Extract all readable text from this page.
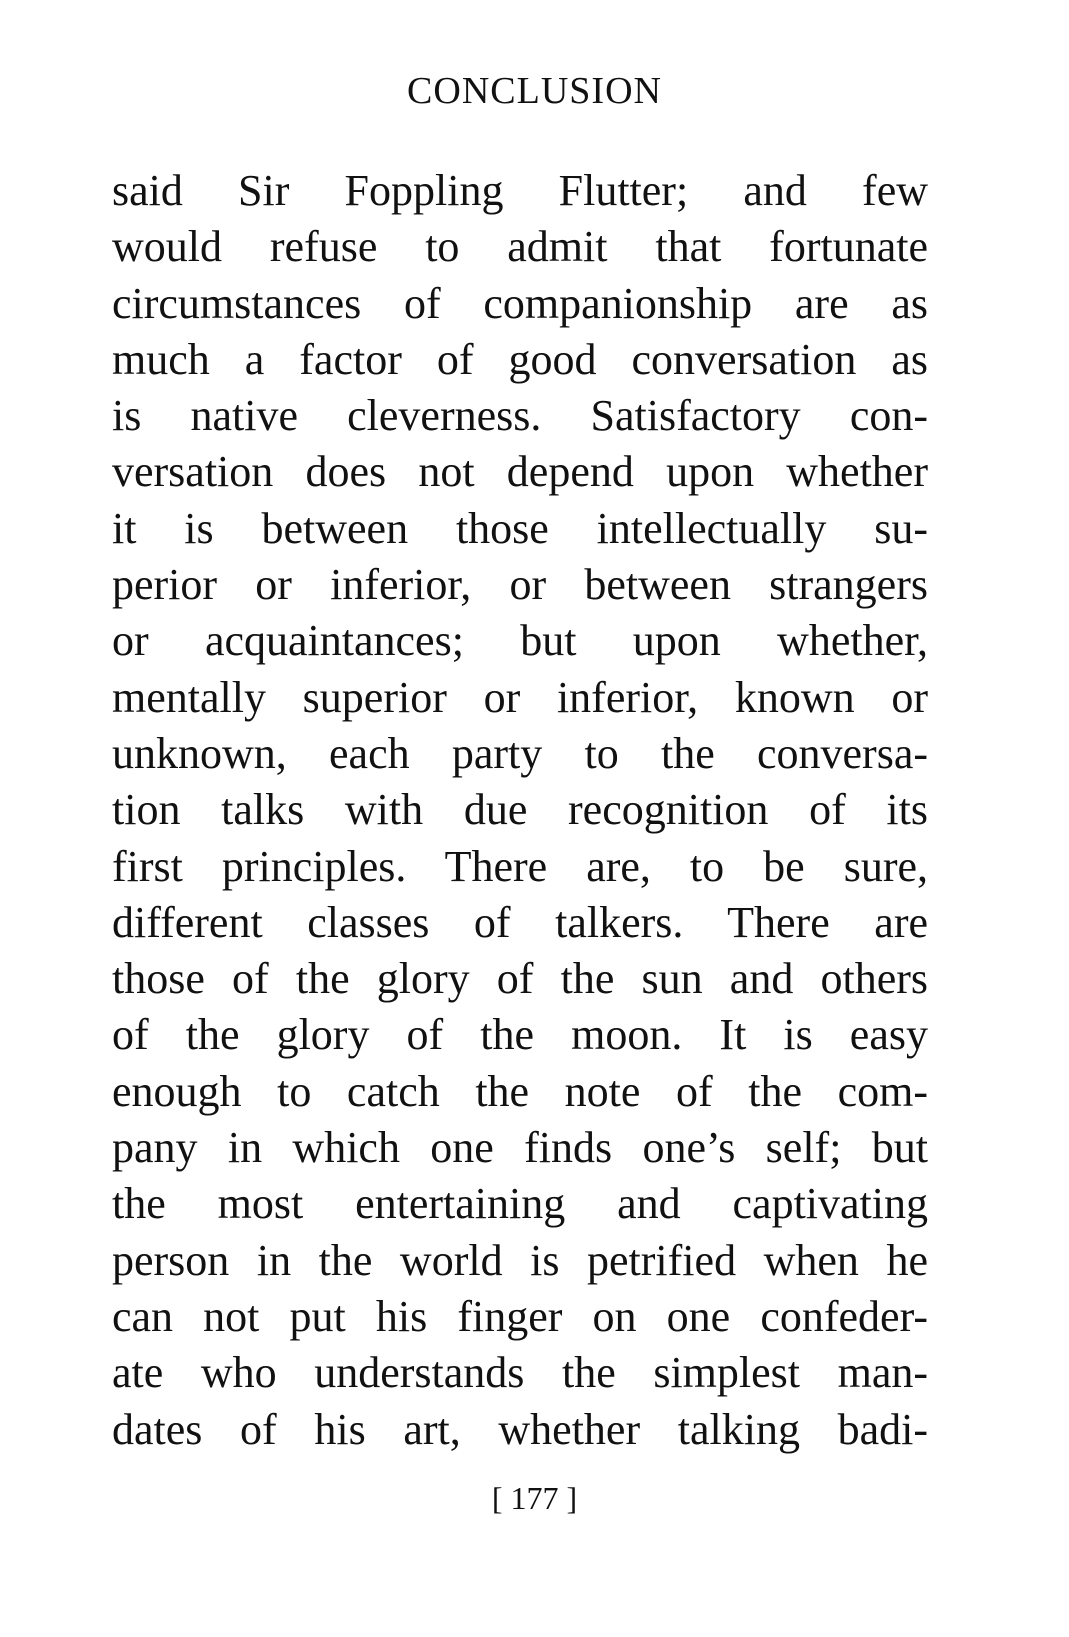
CONCLUSION
said Sir Foppling Flutter; and few
would refuse to admit that fortunate
circumstances of companionship are as
much a factor of good conversation as
is native cleverness. Satisfactory con-
versation does not depend upon whether
it is between those intellectually su-
perior or inferior, or between strangers
or acquaintances; but upon whether,
mentally superior or inferior, known or
unknown, each party to the conversa-
tion talks with due recognition of its
first principles. There are, to be sure,
different classes of talkers. There are
those of the glory of the sun and others
of the glory of the moon. It is easy
enough to catch the note of the com-
pany in which one finds one’s self; but
the most entertaining and captivating
person in the world is petrified when he
can not put his finger on one confeder-
ate who understands the simplest man-
dates of his art, whether talking badi-
[ 177 ]
